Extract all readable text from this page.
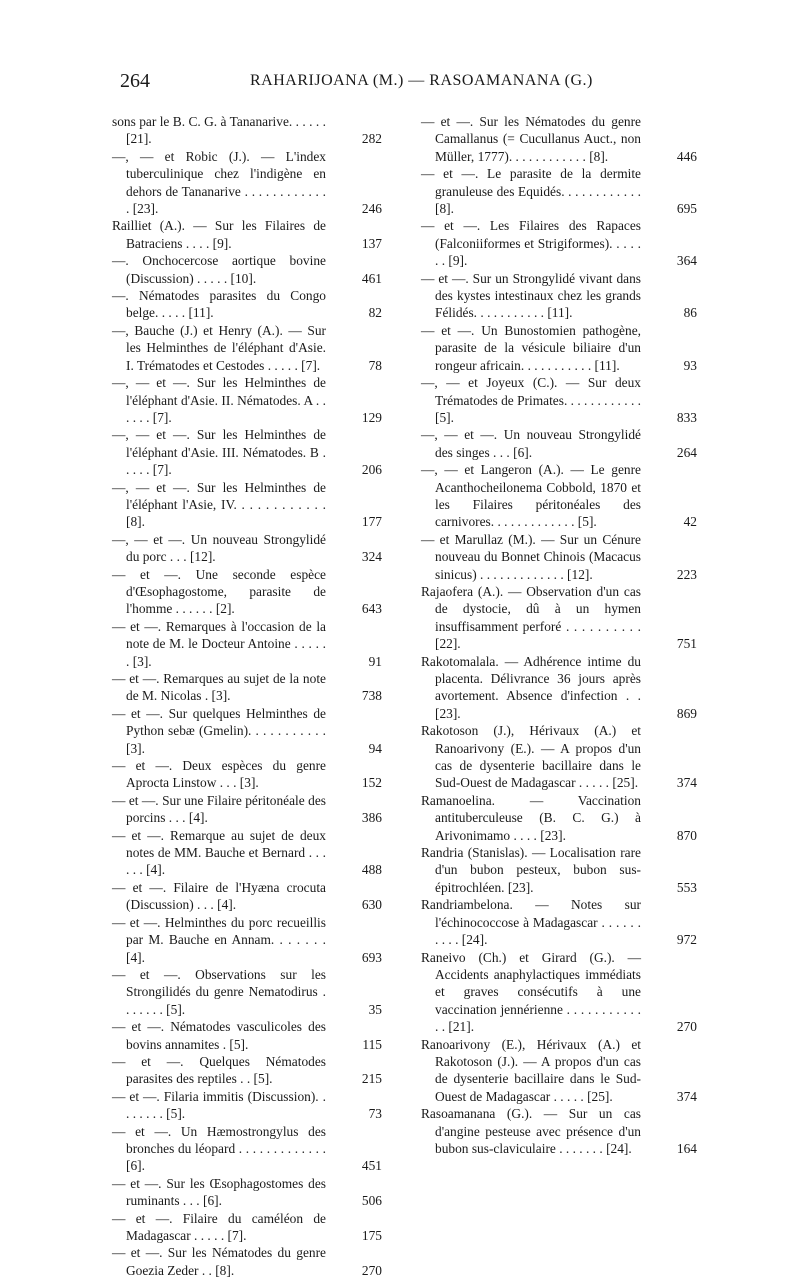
264	RAHARIJOANA (M.) — RASOAMANANA (G.)
sons par le B. C. G. à Tananarive. . . . . . [21].	282
—, — et Robic (J.). — L'index tuberculinique chez l'indigène en dehors de Tananarive . . . . . . . . . . . . . [23].	246
Railliet (A.). — Sur les Filaires de Batraciens . . . . [9].	137
—. Onchocercose aortique bovine (Discussion) . . . . . [10].	461
—. Nématodes parasites du Congo belge. . . . . [11].	82
—, Bauche (J.) et Henry (A.). — Sur les Helminthes de l'éléphant d'Asie. I. Trématodes et Cestodes . . . . . [7].	78
—, — et —. Sur les Helminthes de l'éléphant d'Asie. II. Nématodes. A . . . . . . [7].	129
—, — et —. Sur les Helminthes de l'éléphant d'Asie. III. Nématodes. B . . . . . [7].	206
—, — et —. Sur les Helminthes de l'éléphant l'Asie, IV. . . . . . . . . . . . [8].	177
—, — et —. Un nouveau Strongylidé du porc . . . [12].	324
— et —. Une seconde espèce d'Œsophagostome, parasite de l'homme . . . . . . [2].	643
— et —. Remarques à l'occasion de la note de M. le Docteur Antoine . . . . . . [3].	91
— et —. Remarques au sujet de la note de M. Nicolas . [3].	738
— et —. Sur quelques Helminthes de Python sebæ (Gmelin). . . . . . . . . . . [3].	94
— et —. Deux espèces du genre Aprocta Linstow . . . [3].	152
— et —. Sur une Filaire péritonéale des porcins . . . [4].	386
— et —. Remarque au sujet de deux notes de MM. Bauche et Bernard . . . . . . [4].	488
— et —. Filaire de l'Hyæna crocuta (Discussion) . . . [4].	630
— et —. Helminthes du porc recueillis par M. Bauche en Annam. . . . . . . [4].	693
— et —. Observations sur les Strongilidés du genre Nematodirus . . . . . . . [5].	35
— et —. Nématodes vasculicoles des bovins annamites . [5].	115
— et —. Quelques Nématodes parasites des reptiles . . [5].	215
— et —. Filaria immitis (Discussion). . . . . . . . [5].	73
— et —. Un Hæmostrongylus des bronches du léopard . . . . . . . . . . . . . [6].	451
— et —. Sur les Œsophagostomes des ruminants . . . [6].	506
— et —. Filaire du caméléon de Madagascar . . . . . [7].	175
— et —. Sur les Nématodes du genre Goezia Zeder . . [8].	270
— et —. Sur les Nématodes du genre Camallanus (= Cucullanus Auct., non Müller, 1777). . . . . . . . . . . . [8].	446
— et —. Le parasite de la dermite granuleuse des Equidés. . . . . . . . . . . . [8].	695
— et —. Les Filaires des Rapaces (Falconiiformes et Strigiformes). . . . . . . [9].	364
— et —. Sur un Strongylidé vivant dans des kystes intestinaux chez les grands Félidés. . . . . . . . . . . [11].	86
— et —. Un Bunostomien pathogène, parasite de la vésicule biliaire d'un rongeur africain. . . . . . . . . . . [11].	93
—, — et Joyeux (C.). — Sur deux Trématodes de Primates. . . . . . . . . . . . [5].	833
—, — et —. Un nouveau Strongylidé des singes . . . [6].	264
—, — et Langeron (A.). — Le genre Acanthocheilonema Cobbold, 1870 et les Filaires péritonéales des carnivores. . . . . . . . . . . . . [5].	42
— et Marullaz (M.). — Sur un Cénure nouveau du Bonnet Chinois (Macacus sinicus) . . . . . . . . . . . . . [12].	223
Rajaofera (A.). — Observation d'un cas de dystocie, dû à un hymen insuffisamment perforé . . . . . . . . . . [22].	751
Rakotomalala. — Adhérence intime du placenta. Délivrance 36 jours après avortement. Absence d'infection . . [23].	869
Rakotoson (J.), Hérivaux (A.) et Ranoarivony (E.). — A propos d'un cas de dysenterie bacillaire dans le Sud-Ouest de Madagascar . . . . . [25].	374
Ramanoelina. — Vaccination antituberculeuse (B. C. G.) à Arivonimamo . . . . [23].	870
Randria (Stanislas). — Localisation rare d'un bubon pesteux, bubon sus-épitrochléen. [23].	553
Randriambelona. — Notes sur l'échinococcose à Madagascar . . . . . . . . . . [24].	972
Raneivo (Ch.) et Girard (G.). — Accidents anaphylactiques immédiats et graves consécutifs à une vaccination jennérienne . . . . . . . . . . . . . [21].	270
Ranoarivony (E.), Hérivaux (A.) et Rakotoson (J.). — A propos d'un cas de dysenterie bacillaire dans le Sud-Ouest de Madagascar . . . . . [25].	374
Rasoamanana (G.). — Sur un cas d'angine pesteuse avec présence d'un bubon sus-claviculaire . . . . . . . [24].	164
